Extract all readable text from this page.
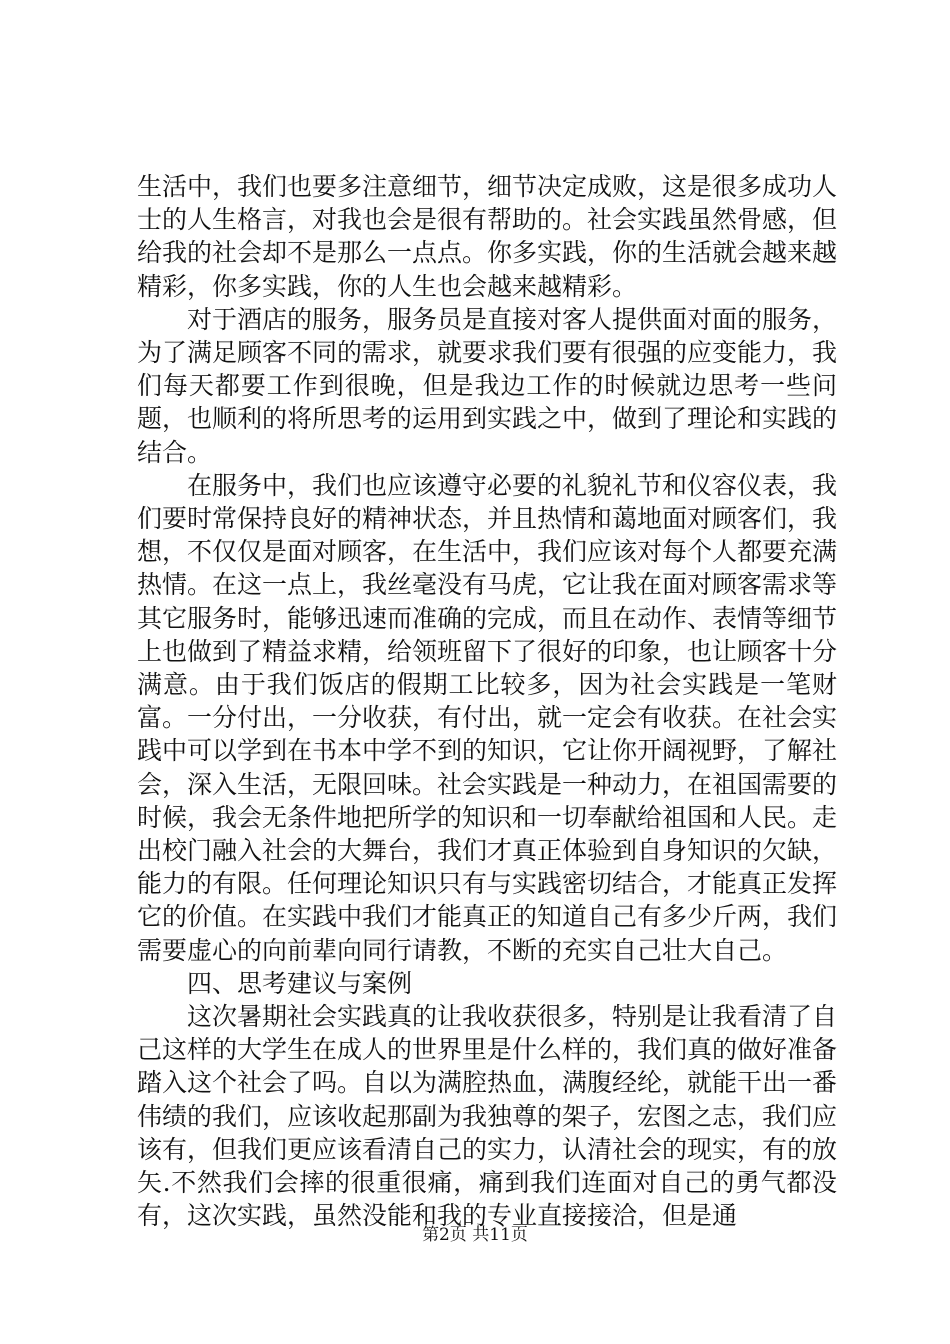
生活中，我们也要多注意细节，细节决定成败，这是很多成功人士的人生格言，对我也会是很有帮助的。社会实践虽然骨感，但给我的社会却不是那么一点点。你多实践，你的生活就会越来越精彩，你多实践，你的人生也会越来越精彩。

对于酒店的服务，服务员是直接对客人提供面对面的服务，为了满足顾客不同的需求，就要求我们要有很强的应变能力，我们每天都要工作到很晚，但是我边工作的时候就边思考一些问题，也顺利的将所思考的运用到实践之中，做到了理论和实践的结合。

在服务中，我们也应该遵守必要的礼貌礼节和仪容仪表，我们要时常保持良好的精神状态，并且热情和蔼地面对顾客们，我想，不仅仅是面对顾客，在生活中，我们应该对每个人都要充满热情。在这一点上，我丝毫没有马虎，它让我在面对顾客需求等其它服务时，能够迅速而准确的完成，而且在动作、表情等细节上也做到了精益求精，给领班留下了很好的印象，也让顾客十分满意。由于我们饭店的假期工比较多，因为社会实践是一笔财富。一分付出，一分收获，有付出，就一定会有收获。在社会实践中可以学到在书本中学不到的知识，它让你开阔视野，了解社会，深入生活，无限回味。社会实践是一种动力，在祖国需要的时候，我会无条件地把所学的知识和一切奉献给祖国和人民。走出校门融入社会的大舞台，我们才真正体验到自身知识的欠缺，能力的有限。任何理论知识只有与实践密切结合，才能真正发挥它的价值。在实践中我们才能真正的知道自己有多少斤两，我们需要虚心的向前辈向同行请教，不断的充实自己壮大自己。

四、思考建议与案例

这次暑期社会实践真的让我收获很多，特别是让我看清了自己这样的大学生在成人的世界里是什么样的，我们真的做好准备踏入这个社会了吗。自以为满腔热血，满腹经纶，就能干出一番伟绩的我们，应该收起那副为我独尊的架子，宏图之志，我们应该有，但我们更应该看清自己的实力，认清社会的现实，有的放矢.不然我们会摔的很重很痛，痛到我们连面对自己的勇气都没有，这次实践，虽然没能和我的专业直接接洽，但是通

第2页 共11页
